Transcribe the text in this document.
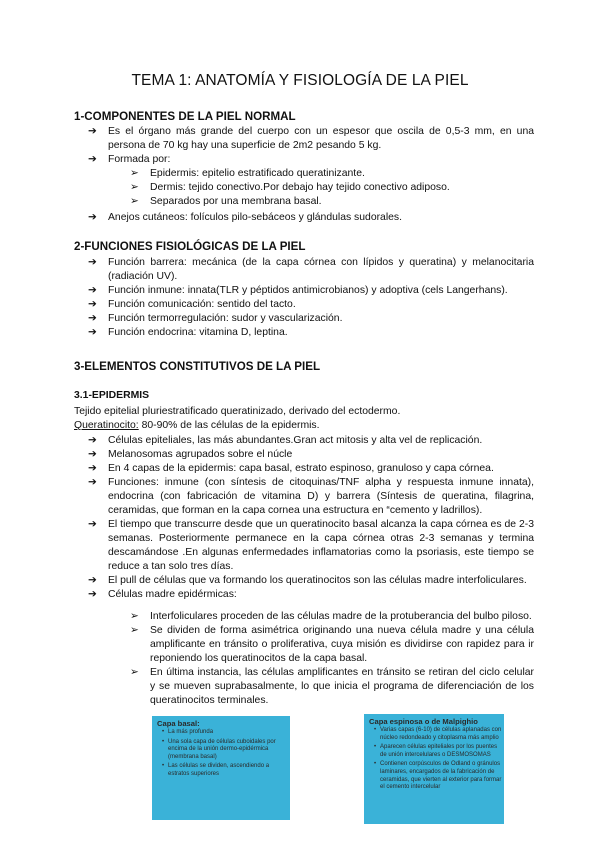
TEMA 1: ANATOMÍA Y FISIOLOGÍA DE LA PIEL

1-COMPONENTES DE LA PIEL NORMAL

➔ Es el órgano más grande del cuerpo con un espesor que oscila de 0,5-3 mm, en una persona de 70 kg hay una superficie de 2m2 pesando 5 kg.
➔ Formada por:
➢ Epidermis: epitelio estratificado queratinizante.
➢ Dermis: tejido conectivo.Por debajo hay tejido conectivo adiposo.
➢ Separados por una membrana basal.
➔ Anejos cutáneos: folículos pilo-sebáceos y glándulas sudorales.

2-FUNCIONES FISIOLÓGICAS DE LA PIEL

➔ Función barrera: mecánica (de la capa córnea con lípidos y queratina) y melanocitaria (radiación UV).
➔ Función inmune: innata(TLR y péptidos antimicrobianos) y adoptiva (cels Langerhans).
➔ Función comunicación: sentido del tacto.
➔ Función termorregulación: sudor y vascularización.
➔ Función endocrina: vitamina D, leptina.

3-ELEMENTOS CONSTITUTIVOS DE LA PIEL

3.1-EPIDERMIS

Tejido epitelial pluriestratificado queratinizado, derivado del ectodermo.

Queratinocito: 80-90% de las células de la epidermis.

➔ Células epiteliales, las más abundantes.Gran act mitosis y alta vel de replicación.
➔ Melanosomas agrupados sobre el núcle
➔ En 4 capas de la epidermis: capa basal, estrato espinoso, granuloso y capa córnea.
➔ Funciones: inmune (con síntesis de citoquinas/TNF alpha y respuesta inmune innata), endocrina (con fabricación de vitamina D) y barrera (Síntesis de queratina, filagrina, ceramidas, que forman en la capa cornea una estructura en “cemento y ladrillos).
➔ El tiempo que transcurre desde que un queratinocito basal alcanza la capa córnea es de 2-3 semanas. Posteriormente permanece en la capa córnea otras 2-3 semanas y termina descamándose .En algunas enfermedades inflamatorias como la psoriasis, este tiempo se reduce a tan solo tres días.
➔ El pull de células que va formando los queratinocitos son las células madre interfoliculares.
➔ Células madre epidérmicas:
➢ Interfoliculares proceden de las células madre de la protuberancia del bulbo piloso.
➢ Se dividen de forma asimétrica originando una nueva célula madre y una célula amplificante en tránsito o proliferativa, cuya misión es dividirse con rapidez para ir reponiendo los queratinocitos de la capa basal.
➢ En última instancia, las células amplificantes en tránsito se retiran del ciclo celular y se mueven suprabasalmente, lo que inicia el programa de diferenciación de los queratinocitos terminales.
Capa basal:
• La más profunda
• Una sola capa de células cuboidales por encima de la unión dermo-epidérmica (membrana basal)
• Las células se dividen, ascendiendo a estratos superiores
Capa espinosa o de Malpighio
• Varias capas (6-10) de células aplanadas con núcleo redondeado y citoplasma más amplio
• Aparecen células epiteliales por los puentes de unión intercelulares o DESMOSOMAS
• Contienen corpúsculos de Odland o gránulos laminares, encargados de la fabricación de ceramidas, que vierten al exterior para formar el cemento intercelular
